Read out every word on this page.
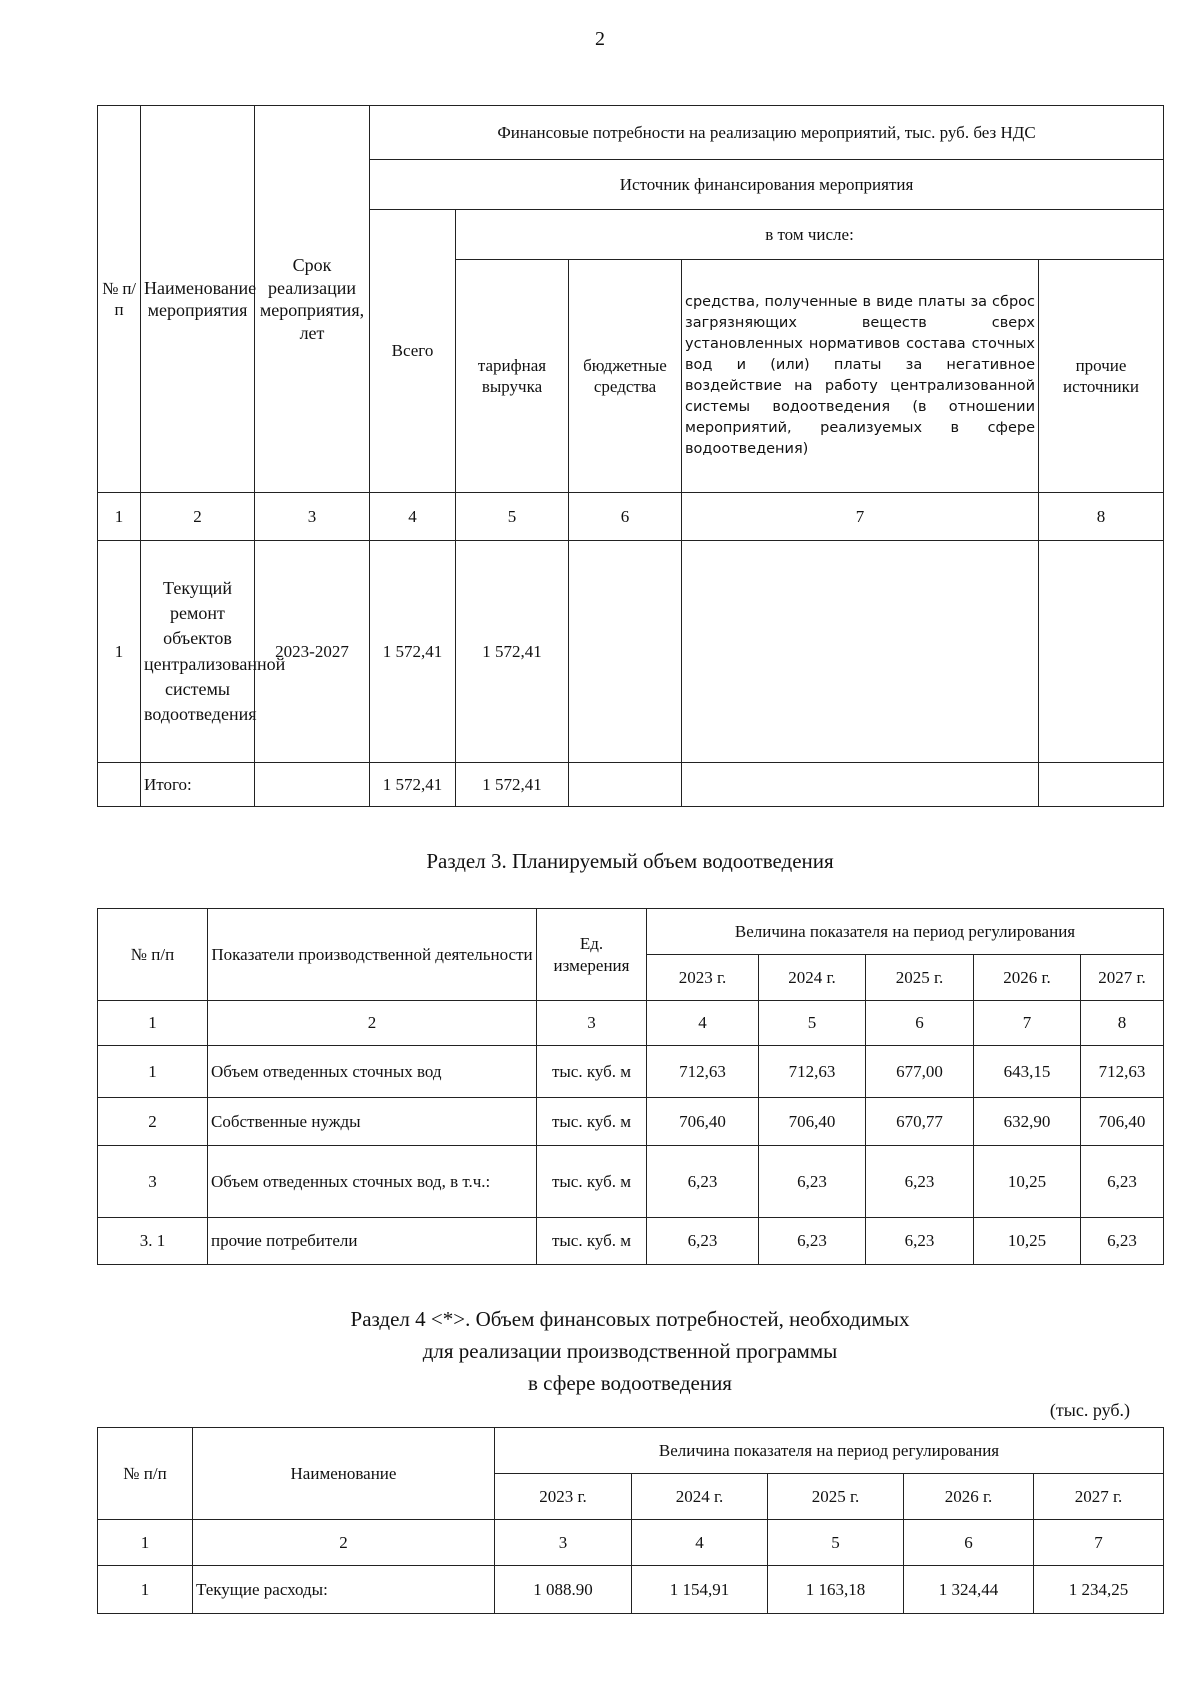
2
№ п/п	Наименование мероприятия	Срок реализации мероприятия, лет	Финансовые потребности на реализацию мероприятий, тыс. руб. без НДС				
			Источник финансирования мероприятия				
			Всего	в том числе:			
				тарифная выручка	бюджетные средства	средства, полученные в виде платы за сброс загрязняющих веществ сверх установленных нормативов состава сточных вод и (или) платы за негативное воздействие на работу централизованной системы водоотведения (в отношении мероприятий, реализуемых в сфере водоотведения)	прочие источники
1	2	3	4	5	6	7	8
1	Текущий ремонт объектов централизованной системы водоотведения	2023-2027	1 572,41	1 572,41			
	Итого:		1 572,41	1 572,41			
Раздел 3. Планируемый объем водоотведения
№ п/п	Показатели производственной деятельности	Ед. измерения	Величина показателя на период регулирования				
			2023 г.	2024 г.	2025 г.	2026 г.	2027 г.
1	2	3	4	5	6	7	8
1	Объем отведенных сточных вод	тыс. куб. м	712,63	712,63	677,00	643,15	712,63
2	Собственные нужды	тыс. куб. м	706,40	706,40	670,77	632,90	706,40
3	Объем отведенных сточных вод, в т.ч.:	тыс. куб. м	6,23	6,23	6,23	10,25	6,23
3. 1	прочие потребители	тыс. куб. м	6,23	6,23	6,23	10,25	6,23
Раздел 4 <*>. Объем финансовых потребностей, необходимых
для реализации производственной программы
в сфере водоотведения
(тыс. руб.)
№ п/п	Наименование	Величина показателя на период регулирования				
		2023 г.	2024 г.	2025 г.	2026 г.	2027 г.
1	2	3	4	5	6	7
1	Текущие расходы:	1 088.90	1 154,91	1 163,18	1 324,44	1 234,25
